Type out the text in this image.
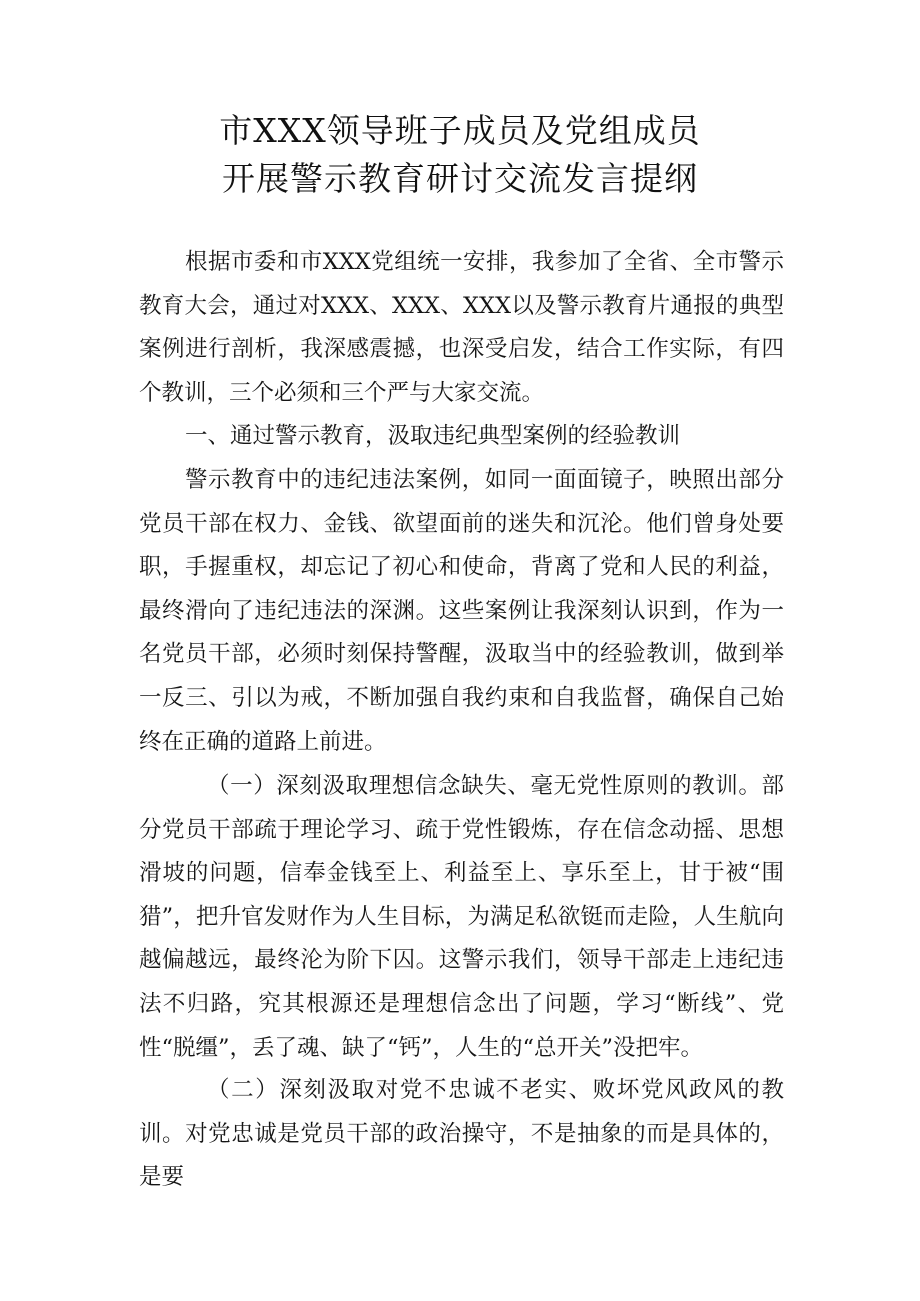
市XXX领导班子成员及党组成员
开展警示教育研讨交流发言提纲

根据市委和市XXX党组统一安排，我参加了全省、全市警示教育大会，通过对XXX、XXX、XXX以及警示教育片通报的典型案例进行剖析，我深感震撼，也深受启发，结合工作实际，有四个教训，三个必须和三个严与大家交流。

一、通过警示教育，汲取违纪典型案例的经验教训

警示教育中的违纪违法案例，如同一面面镜子，映照出部分党员干部在权力、金钱、欲望面前的迷失和沉沦。他们曾身处要职，手握重权，却忘记了初心和使命，背离了党和人民的利益，最终滑向了违纪违法的深渊。这些案例让我深刻认识到，作为一名党员干部，必须时刻保持警醒，汲取当中的经验教训，做到举一反三、引以为戒，不断加强自我约束和自我监督，确保自己始终在正确的道路上前进。

（一）深刻汲取理想信念缺失、毫无党性原则的教训。部分党员干部疏于理论学习、疏于党性锻炼，存在信念动摇、思想滑坡的问题，信奉金钱至上、利益至上、享乐至上，甘于被“围猎”，把升官发财作为人生目标，为满足私欲铤而走险，人生航向越偏越远，最终沦为阶下囚。这警示我们，领导干部走上违纪违法不归路，究其根源还是理想信念出了问题，学习“断线”、党性“脱缰”，丢了魂、缺了“钙”，人生的“总开关”没把牢。

（二）深刻汲取对党不忠诚不老实、败坏党风政风的教训。对党忠诚是党员干部的政治操守，不是抽象的而是具体的，是要
